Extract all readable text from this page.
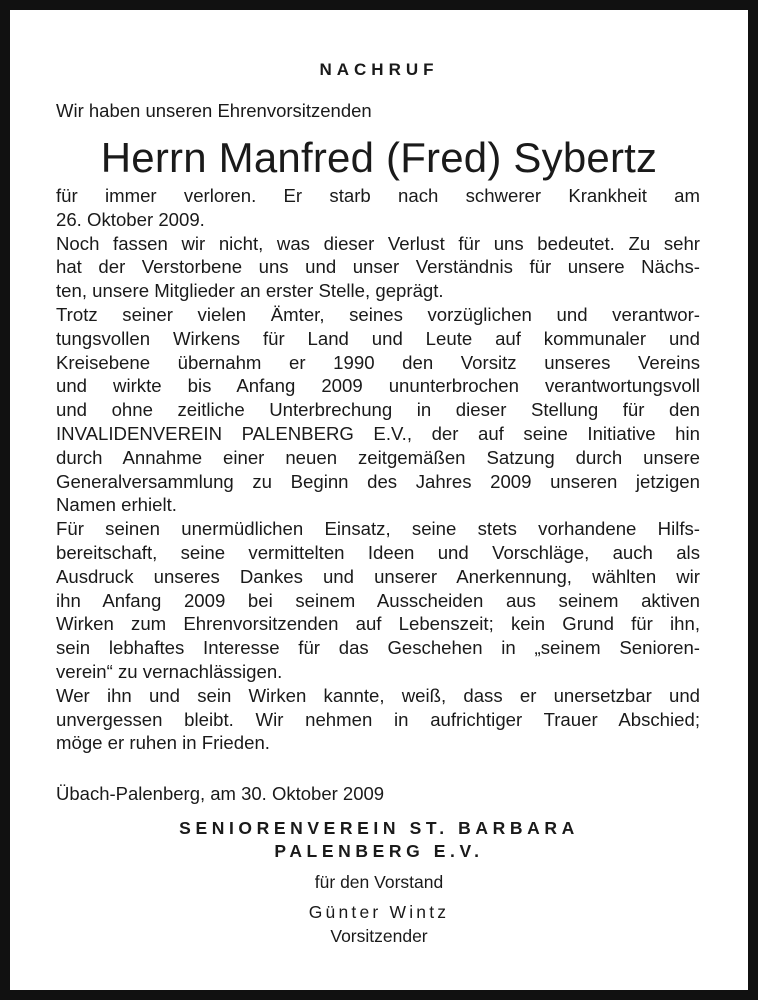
NACHRUF
Wir haben unseren Ehrenvorsitzenden
Herrn Manfred (Fred) Sybertz
für immer verloren. Er starb nach schwerer Krankheit am
26. Oktober 2009.
Noch fassen wir nicht, was dieser Verlust für uns bedeutet. Zu sehr
hat der Verstorbene uns und unser Verständnis für unsere Nächs-
ten, unsere Mitglieder an erster Stelle, geprägt.
Trotz seiner vielen Ämter, seines vorzüglichen und verantwor-
tungsvollen Wirkens für Land und Leute auf kommunaler und
Kreisebene übernahm er 1990 den Vorsitz unseres Vereins
und wirkte bis Anfang 2009 ununterbrochen verantwortungsvoll
und ohne zeitliche Unterbrechung in dieser Stellung für den
INVALIDENVEREIN PALENBERG E.V., der auf seine Initiative hin
durch Annahme einer neuen zeitgemäßen Satzung durch unsere
Generalversammlung zu Beginn des Jahres 2009 unseren jetzigen
Namen erhielt.
Für seinen unermüdlichen Einsatz, seine stets vorhandene Hilfs-
bereitschaft, seine vermittelten Ideen und Vorschläge, auch als
Ausdruck unseres Dankes und unserer Anerkennung, wählten wir
ihn Anfang 2009 bei seinem Ausscheiden aus seinem aktiven
Wirken zum Ehrenvorsitzenden auf Lebenszeit; kein Grund für ihn,
sein lebhaftes Interesse für das Geschehen in „seinem Senioren-
verein“ zu vernachlässigen.
Wer ihn und sein Wirken kannte, weiß, dass er unersetzbar und
unvergessen bleibt. Wir nehmen in aufrichtiger Trauer Abschied;
möge er ruhen in Frieden.
Übach-Palenberg, am 30. Oktober 2009
SENIORENVEREIN ST. BARBARA
PALENBERG E.V.
für den Vorstand
Günter Wintz
Vorsitzender
